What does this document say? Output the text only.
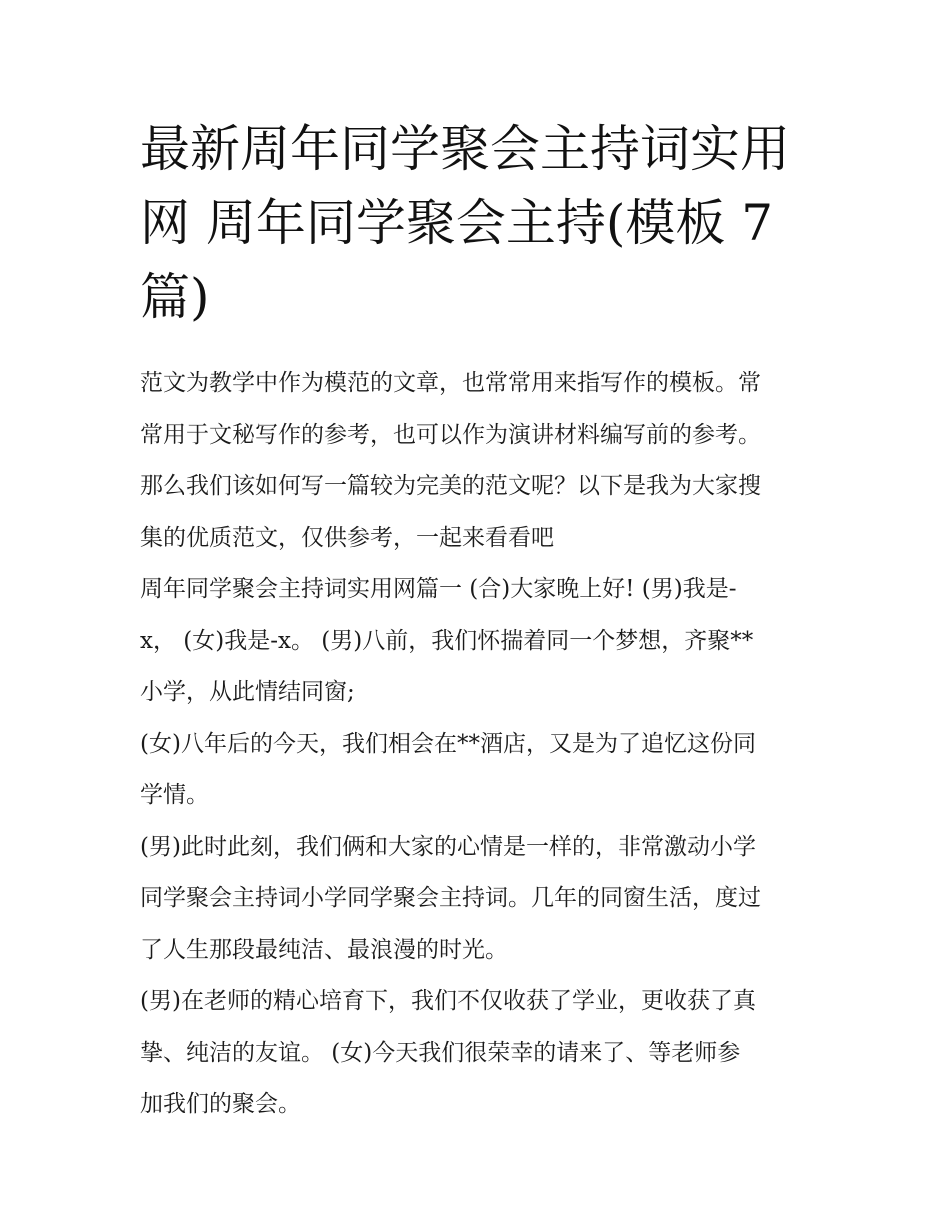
最新周年同学聚会主持词实用
网 周年同学聚会主持(模板 7
篇)
范文为教学中作为模范的文章，也常常用来指写作的模板。常
常用于文秘写作的参考，也可以作为演讲材料编写前的参考。
那么我们该如何写一篇较为完美的范文呢？以下是我为大家搜
集的优质范文，仅供参考，一起来看看吧
周年同学聚会主持词实用网篇一 (合)大家晚上好! (男)我是-
x， (女)我是-x。 (男)八前，我们怀揣着同一个梦想，齐聚**
小学，从此情结同窗;
(女)八年后的今天，我们相会在**酒店，又是为了追忆这份同
学情。
(男)此时此刻，我们俩和大家的心情是一样的，非常激动小学
同学聚会主持词小学同学聚会主持词。几年的同窗生活，度过
了人生那段最纯洁、最浪漫的时光。
(男)在老师的精心培育下，我们不仅收获了学业，更收获了真
挚、纯洁的友谊。 (女)今天我们很荣幸的请来了、等老师参
加我们的聚会。
